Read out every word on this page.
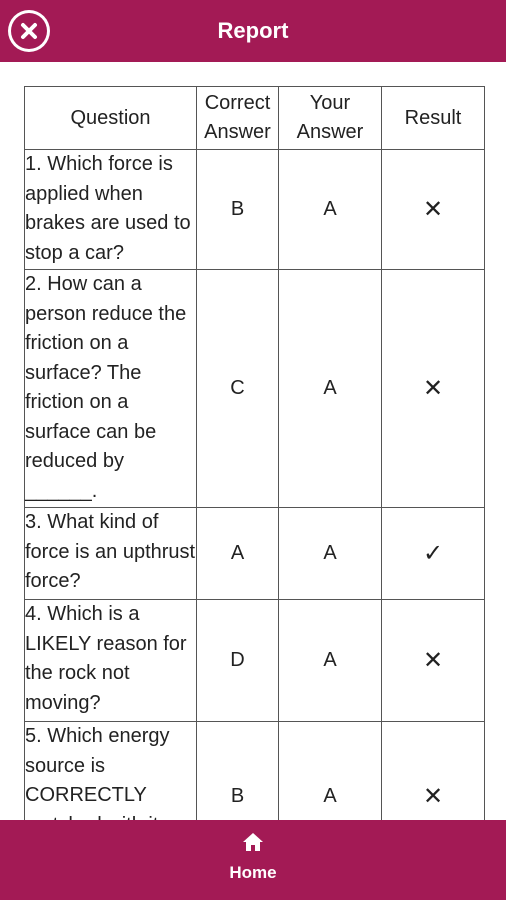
Report
Question	Correct Answer	Your Answer	Result
1. Which force is applied when brakes are used to stop a car?	B	A	✕
2. How can a person reduce the friction on a surface? The friction on a surface can be reduced by ______.	C	A	✕
3. What kind of force is an upthrust force?	A	A	✓
4. Which is a LIKELY reason for the rock not moving?	D	A	✕
5. Which energy source is CORRECTLY	B	A	✕
Home
